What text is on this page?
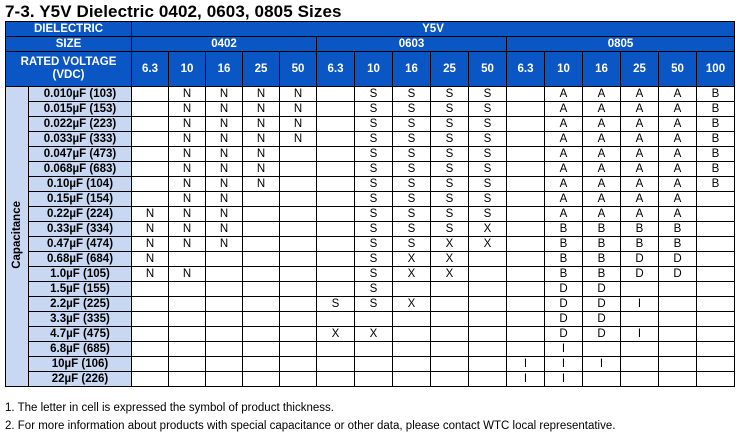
7-3. Y5V Dielectric 0402, 0603, 0805 Sizes
DIELECTRIC		Y5V															
SIZE		0402					0603					0805					

RATED VOLTAGE
(VDC)		6.3	10	16	25	50	6.3	10	16	25	50	6.3	10	16	25	50	100
Capacitance	0.010µF (103)		N	N	N	N		S	S	S	S		A	A	A	A	B
	0.015µF (153)		N	N	N	N		S	S	S	S		A	A	A	A	B
	0.022µF (223)		N	N	N	N		S	S	S	S		A	A	A	A	B
	0.033µF (333)		N	N	N	N		S	S	S	S		A	A	A	A	B
	0.047µF (473)		N	N	N			S	S	S	S		A	A	A	A	B
	0.068µF (683)		N	N	N			S	S	S	S		A	A	A	A	B
	0.10µF (104)		N	N	N			S	S	S	S		A	A	A	A	B
	0.15µF (154)		N	N				S	S	S	S		A	A	A	A	
	0.22µF (224)	N	N	N				S	S	S	S		A	A	A	A	
	0.33µF (334)	N	N	N				S	S	S	X		B	B	B	B	
	0.47µF (474)	N	N	N				S	S	X	X		B	B	B	B	
	0.68µF (684)	N						S	X	X			B	B	D	D	
	1.0µF (105)	N	N					S	X	X			B	B	D	D	
	1.5µF (155)							S					D	D			
	2.2µF (225)						S	S	X				D	D	I		
	3.3µF (335)												D	D			
	4.7µF (475)						X	X					D	D	I		
	6.8µF (685)												I				
	10µF (106)											I	I	I			
	22µF (226)											I	I				
1. The letter in cell is expressed the symbol of product thickness.
2. For more information about products with special capacitance or other data, please contact WTC local representative.
